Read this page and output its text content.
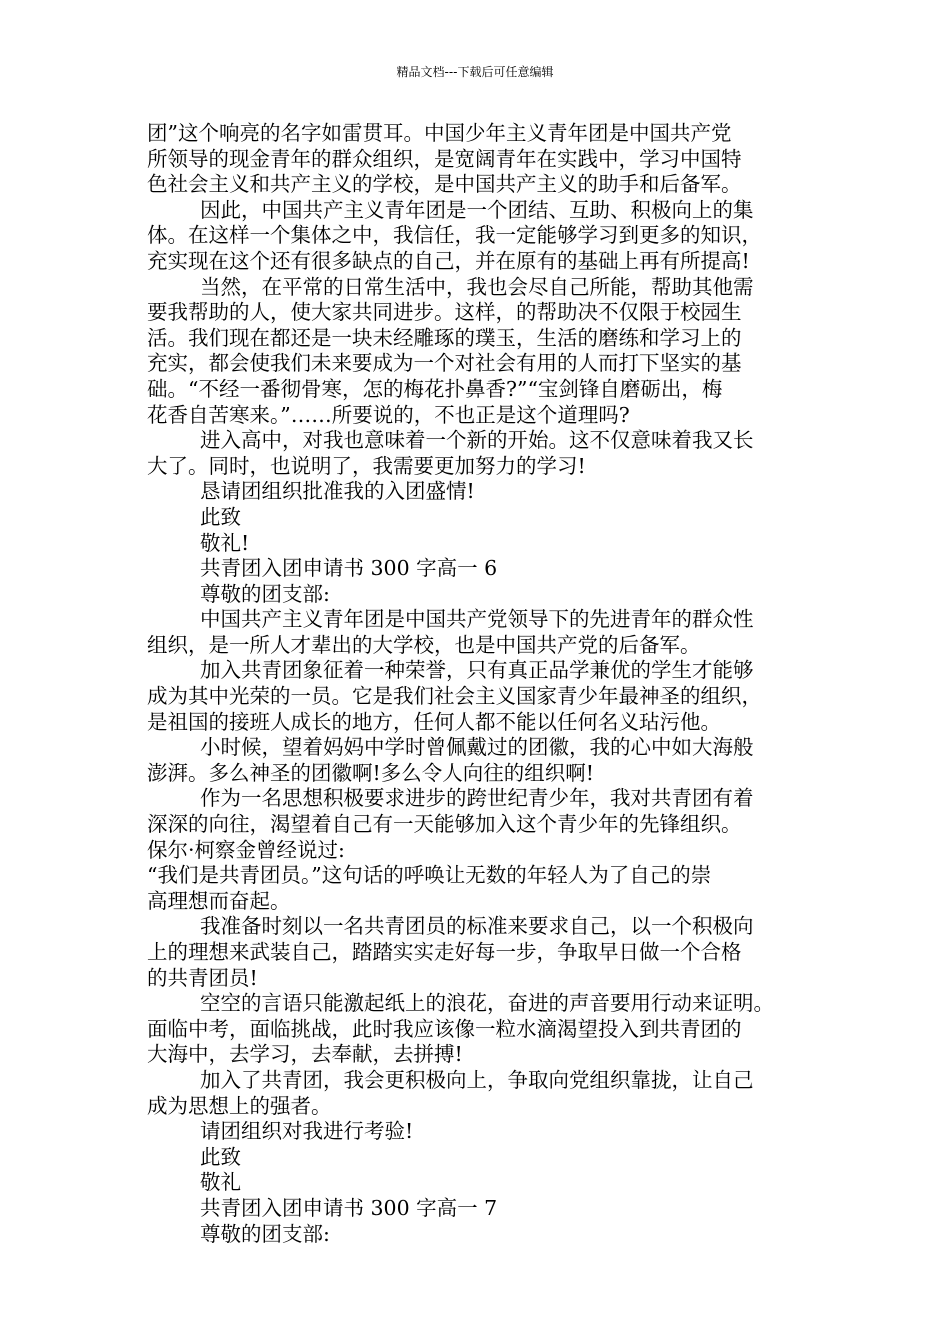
精品文档---下载后可任意编辑
团”这个响亮的名字如雷贯耳。中国少年主义青年团是中国共产党
所领导的现金青年的群众组织，是宽阔青年在实践中，学习中国特
色社会主义和共产主义的学校，是中国共产主义的助手和后备军。
因此，中国共产主义青年团是一个团结、互助、积极向上的集
体。在这样一个集体之中，我信任，我一定能够学习到更多的知识，
充实现在这个还有很多缺点的自己，并在原有的基础上再有所提高!
当然，在平常的日常生活中，我也会尽自己所能，帮助其他需
要我帮助的人，使大家共同进步。这样，的帮助决不仅限于校园生
活。我们现在都还是一块未经雕琢的璞玉，生活的磨练和学习上的
充实，都会使我们未来要成为一个对社会有用的人而打下坚实的基
础。“不经一番彻骨寒，怎的梅花扑鼻香?”“宝剑锋自磨砺出，梅
花香自苦寒来。”……所要说的，不也正是这个道理吗?
进入高中，对我也意味着一个新的开始。这不仅意味着我又长
大了。同时，也说明了，我需要更加努力的学习!
恳请团组织批准我的入团盛情!
此致
敬礼!
共青团入团申请书 300 字高一 6
尊敬的团支部:
中国共产主义青年团是中国共产党领导下的先进青年的群众性
组织，是一所人才辈出的大学校，也是中国共产党的后备军。
加入共青团象征着一种荣誉，只有真正品学兼优的学生才能够
成为其中光荣的一员。它是我们社会主义国家青少年最神圣的组织，
是祖国的接班人成长的地方，任何人都不能以任何名义玷污他。
小时候，望着妈妈中学时曾佩戴过的团徽，我的心中如大海般
澎湃。多么神圣的团徽啊!多么令人向往的组织啊!
作为一名思想积极要求进步的跨世纪青少年，我对共青团有着
深深的向往，渴望着自己有一天能够加入这个青少年的先锋组织。
保尔·柯察金曾经说过:
“我们是共青团员。”这句话的呼唤让无数的年轻人为了自己的崇
高理想而奋起。
我准备时刻以一名共青团员的标准来要求自己，以一个积极向
上的理想来武装自己，踏踏实实走好每一步，争取早日做一个合格
的共青团员!
空空的言语只能激起纸上的浪花，奋进的声音要用行动来证明。
面临中考，面临挑战，此时我应该像一粒水滴渴望投入到共青团的
大海中，去学习，去奉献，去拼搏!
加入了共青团，我会更积极向上，争取向党组织靠拢，让自己
成为思想上的强者。
请团组织对我进行考验!
此致
敬礼
共青团入团申请书 300 字高一 7
尊敬的团支部:
